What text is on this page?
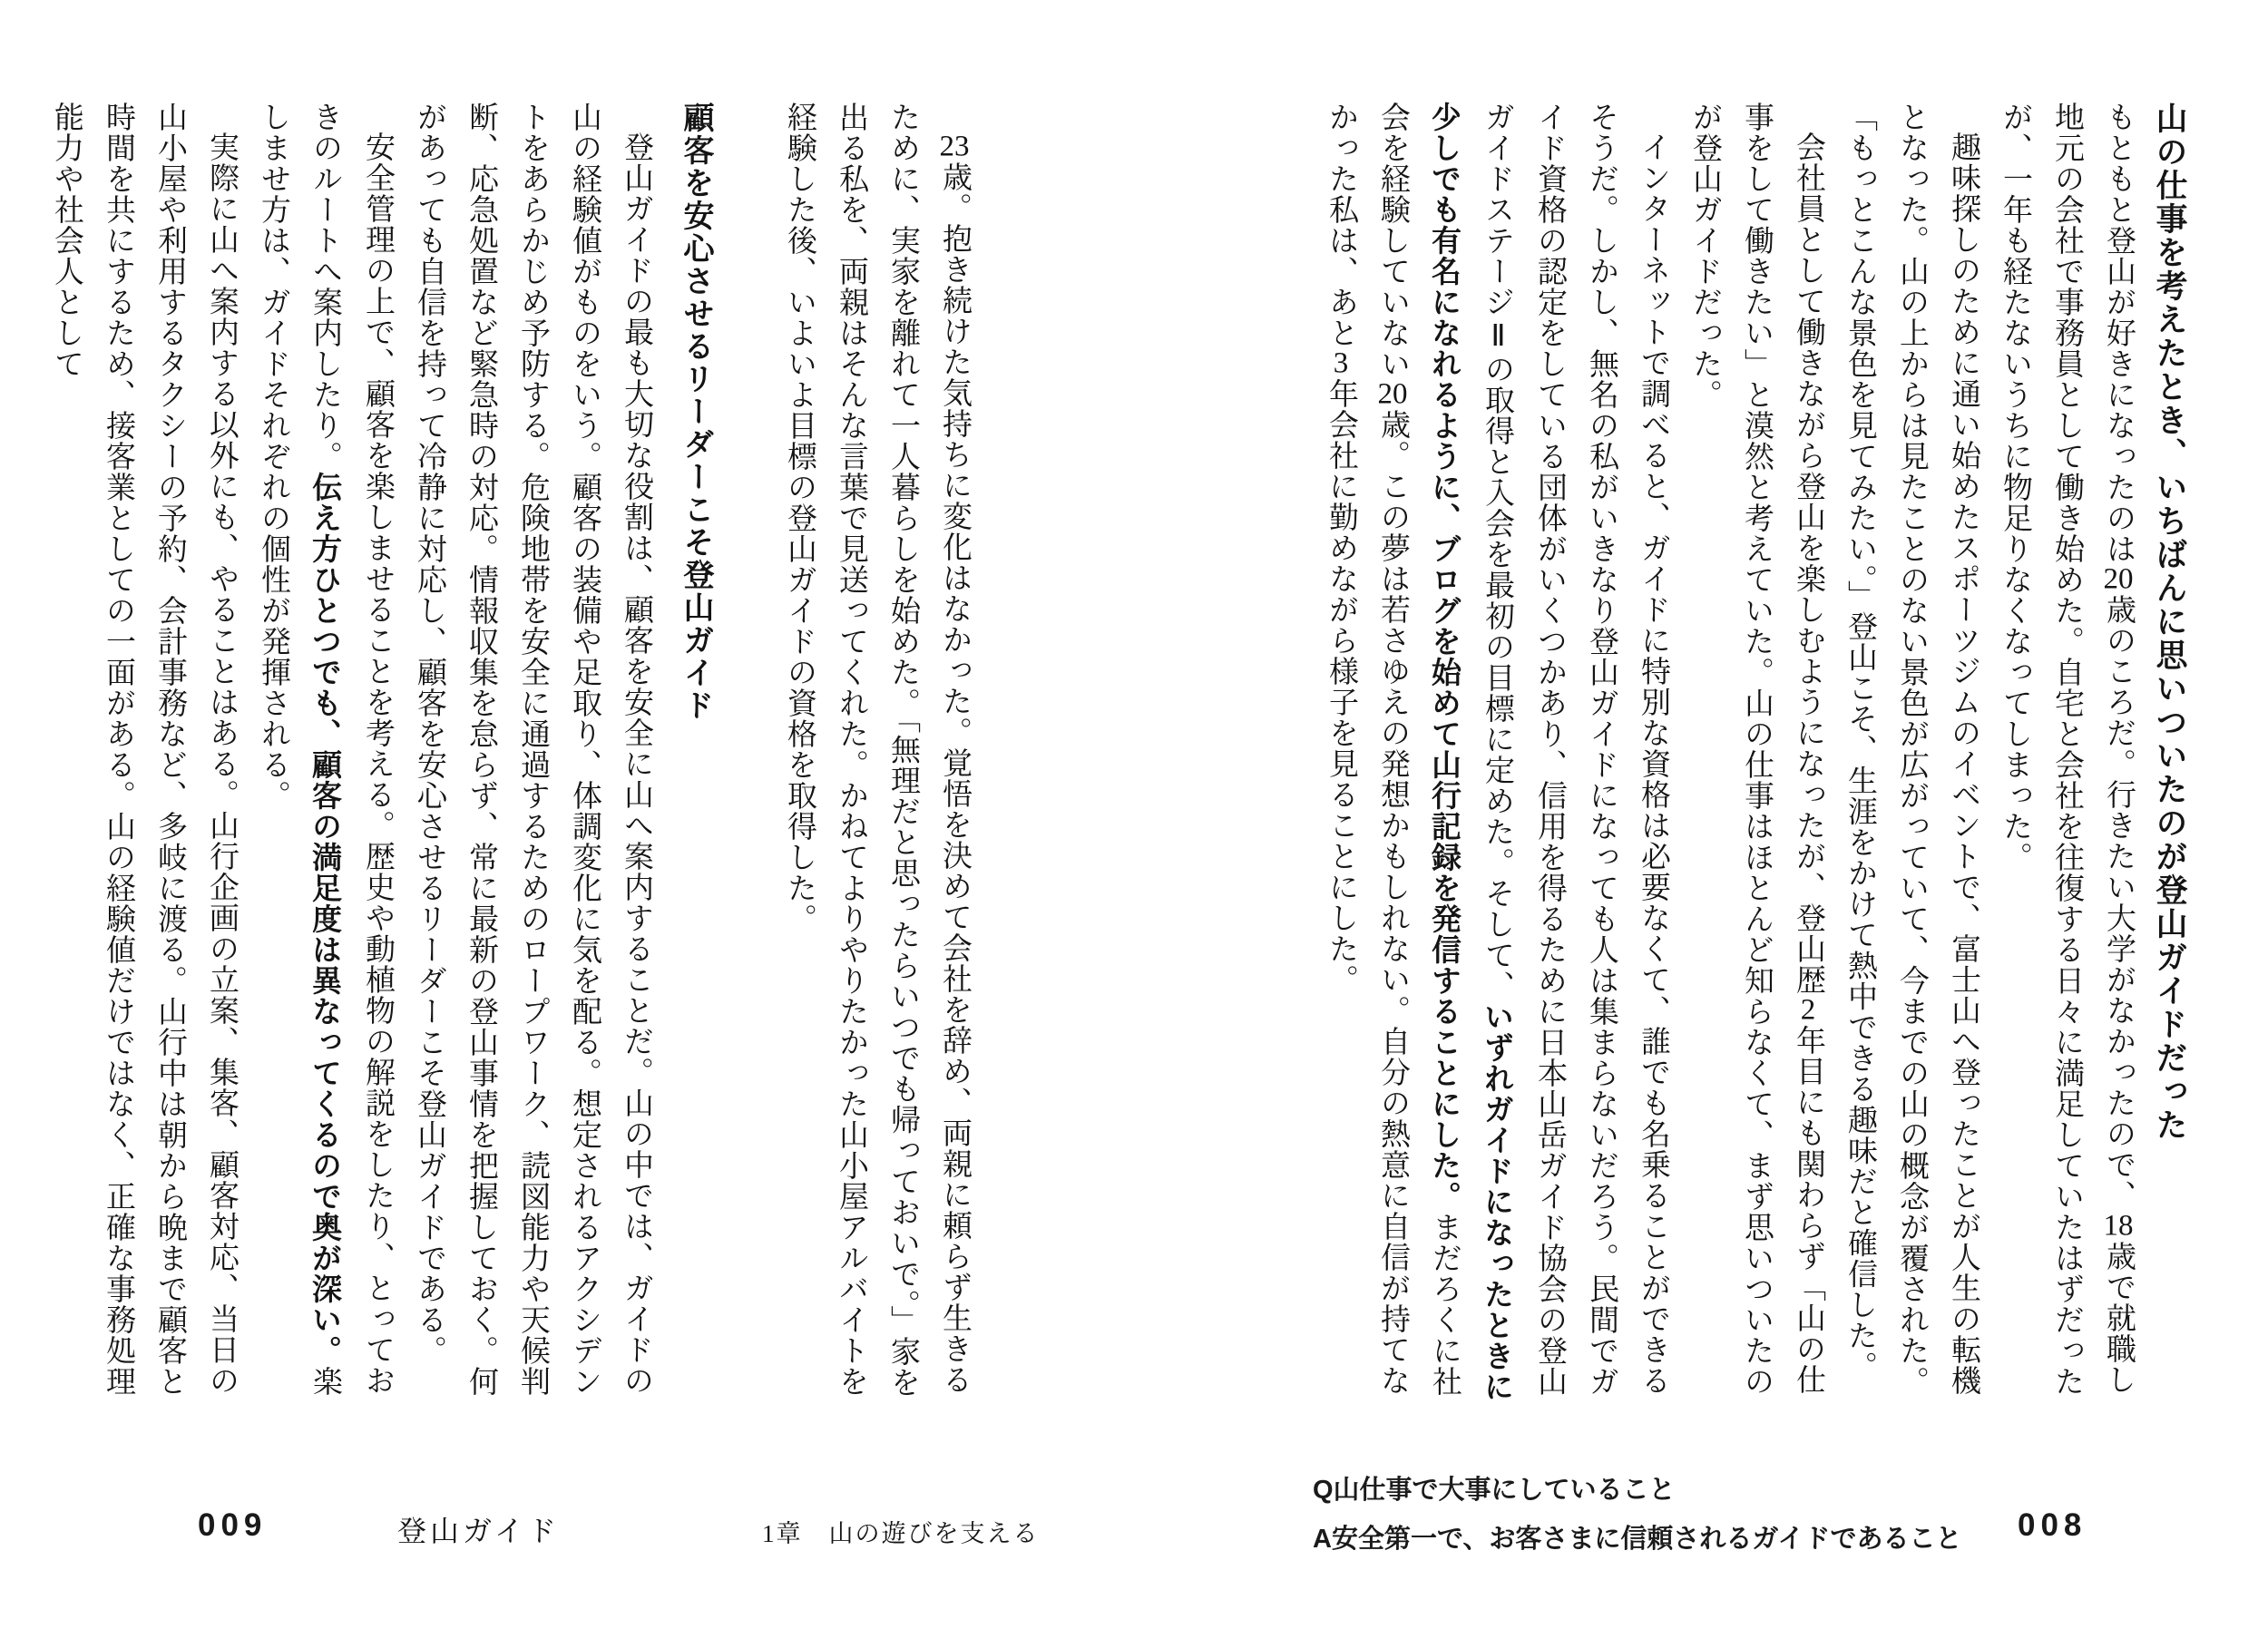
山の仕事を考えたとき、いちばんに思いついたのが登山ガイドだった

もともと登山が好きになったのは20歳のころだ。行きたい大学がなかったので、18歳で就職し地元の会社で事務員として働き始めた。自宅と会社を往復する日々に満足していたはずだったが、一年も経たないうちに物足りなくなってしまった。

趣味探しのために通い始めたスポーツジムのイベントで、富士山へ登ったことが人生の転機となった。山の上からは見たことのない景色が広がっていて、今までの山の概念が覆された。「もっとこんな景色を見てみたい。」登山こそ、生涯をかけて熱中できる趣味だと確信した。

会社員として働きながら登山を楽しむようになったが、登山歴2年目にも関わらず「山の仕事をして働きたい」と漠然と考えていた。山の仕事はほとんど知らなくて、まず思いついたのが登山ガイドだった。

インターネットで調べると、ガイドに特別な資格は必要なくて、誰でも名乗ることができるそうだ。しかし、無名の私がいきなり登山ガイドになっても人は集まらないだろう。民間でガイド資格の認定をしている団体がいくつかあり、信用を得るために日本山岳ガイド協会の登山ガイドステージⅡの取得と入会を最初の目標に定めた。そして、いずれガイドになったときに少しでも有名になれるように、ブログを始めて山行記録を発信することにした。まだろくに社会を経験していない20歳。この夢は若さゆえの発想かもしれない。自分の熱意に自信が持てなかった私は、あと3年会社に勤めながら様子を見ることにした。

Q山仕事で大事にしていること
A安全第一で、お客さまに信頼されるガイドであること 008

23歳。抱き続けた気持ちに変化はなかった。覚悟を決めて会社を辞め、両親に頼らず生きるために、実家を離れて一人暮らしを始めた。「無理だと思ったらいつでも帰っておいで。」家を出る私を、両親はそんな言葉で見送ってくれた。かねてよりやりたかった山小屋アルバイトを経験した後、いよいよ目標の登山ガイドの資格を取得した。

顧客を安心させるリーダーこそ登山ガイド

登山ガイドの最も大切な役割は、顧客を安全に山へ案内することだ。山の中では、ガイドの山の経験値がものをいう。顧客の装備や足取り、体調変化に気を配る。想定されるアクシデントをあらかじめ予防する。危険地帯を安全に通過するためのロープワーク、読図能力や天候判断、応急処置など緊急時の対応。情報収集を怠らず、常に最新の登山事情を把握しておく。何があっても自信を持って冷静に対応し、顧客を安心させるリーダーこそ登山ガイドである。

安全管理の上で、顧客を楽しませることを考える。歴史や動植物の解説をしたり、とっておきのルートへ案内したり。伝え方ひとつでも、顧客の満足度は異なってくるので奥が深い。楽しませ方は、ガイドそれぞれの個性が発揮される。

実際に山へ案内する以外にも、やることはある。山行企画の立案、集客、顧客対応、当日の山小屋や利用するタクシーの予約、会計事務など、多岐に渡る。山行中は朝から晩まで顧客と時間を共にするため、接客業としての一面がある。山の経験値だけではなく、正確な事務処理能力や社会人として

009	登山ガイド	1章　山の遊びを支える
